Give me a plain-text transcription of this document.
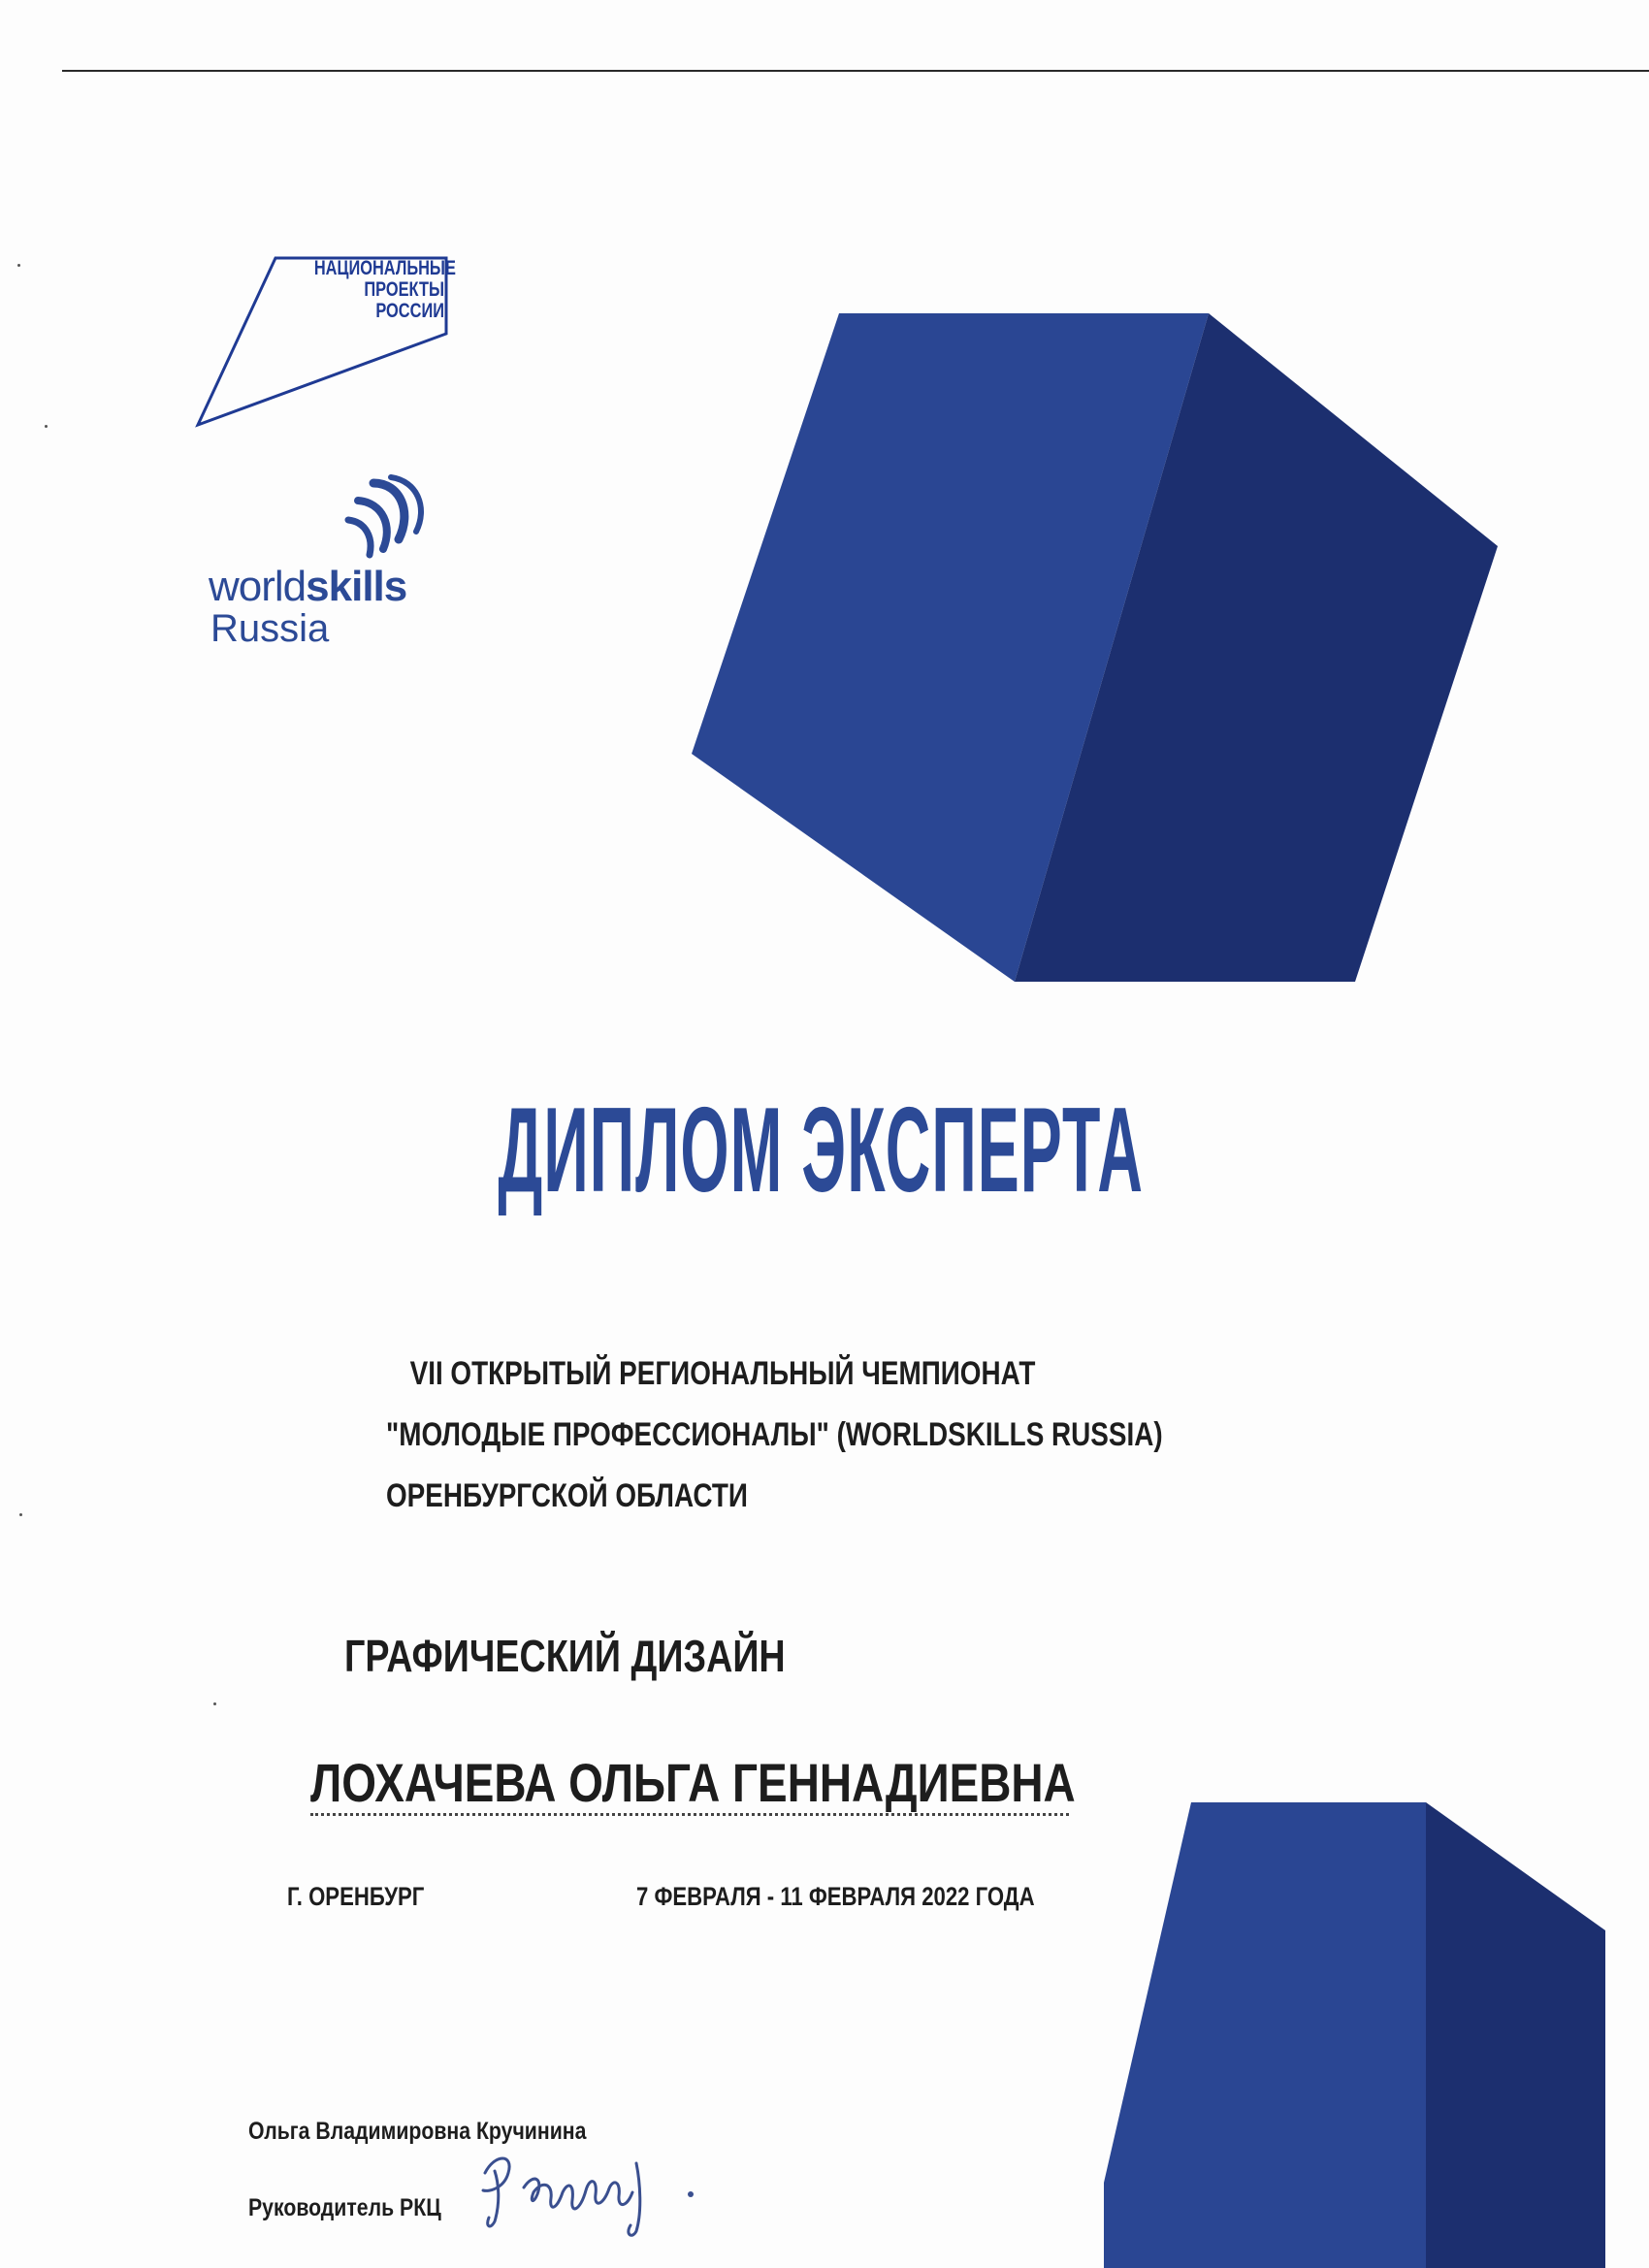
НАЦИОНАЛЬНЫЕ
ПРОЕКТЫ
РОССИИ
worldskills
Russia
ДИПЛОМ ЭКСПЕРТА
VII ОТКРЫТЫЙ РЕГИОНАЛЬНЫЙ ЧЕМПИОНАТ
"МОЛОДЫЕ ПРОФЕССИОНАЛЫ" (WORLDSKILLS RUSSIA)
ОРЕНБУРГСКОЙ ОБЛАСТИ
ГРАФИЧЕСКИЙ ДИЗАЙН
ЛОХАЧЕВА ОЛЬГА ГЕННАДИЕВНА
Г. ОРЕНБУРГ	7 ФЕВРАЛЯ - 11 ФЕВРАЛЯ 2022 ГОДА
Ольга Владимировна Кручинина
Руководитель РКЦ
